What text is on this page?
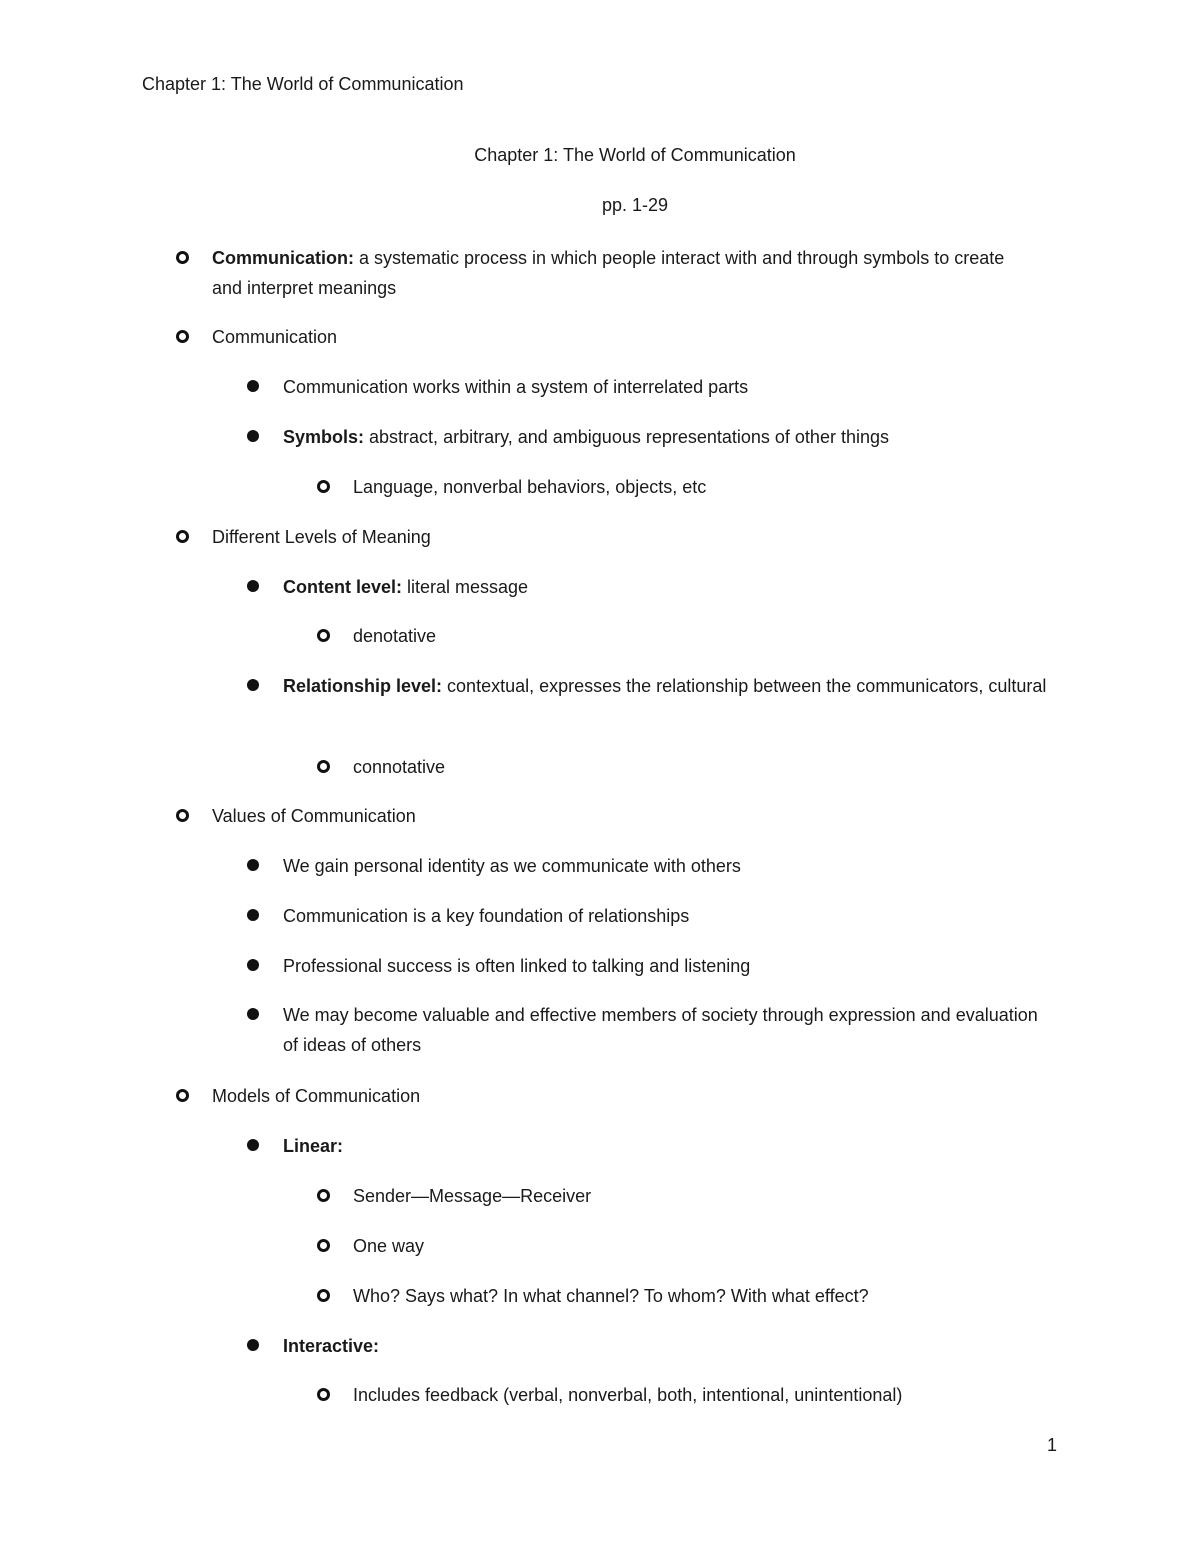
Chapter 1: The World of Communication
Chapter 1: The World of Communication
pp. 1-29
Communication: a systematic process in which people interact with and through symbols to create and interpret meanings
Communication
Communication works within a system of interrelated parts
Symbols: abstract, arbitrary, and ambiguous representations of other things
Language, nonverbal behaviors, objects, etc
Different Levels of Meaning
Content level: literal message
denotative
Relationship level: contextual, expresses the relationship between the communicators, cultural
connotative
Values of Communication
We gain personal identity as we communicate with others
Communication is a key foundation of relationships
Professional success is often linked to talking and listening
We may become valuable and effective members of society through expression and evaluation of ideas of others
Models of Communication
Linear:
Sender—Message—Receiver
One way
Who? Says what? In what channel? To whom? With what effect?
Interactive:
Includes feedback (verbal, nonverbal, both, intentional, unintentional)
1
